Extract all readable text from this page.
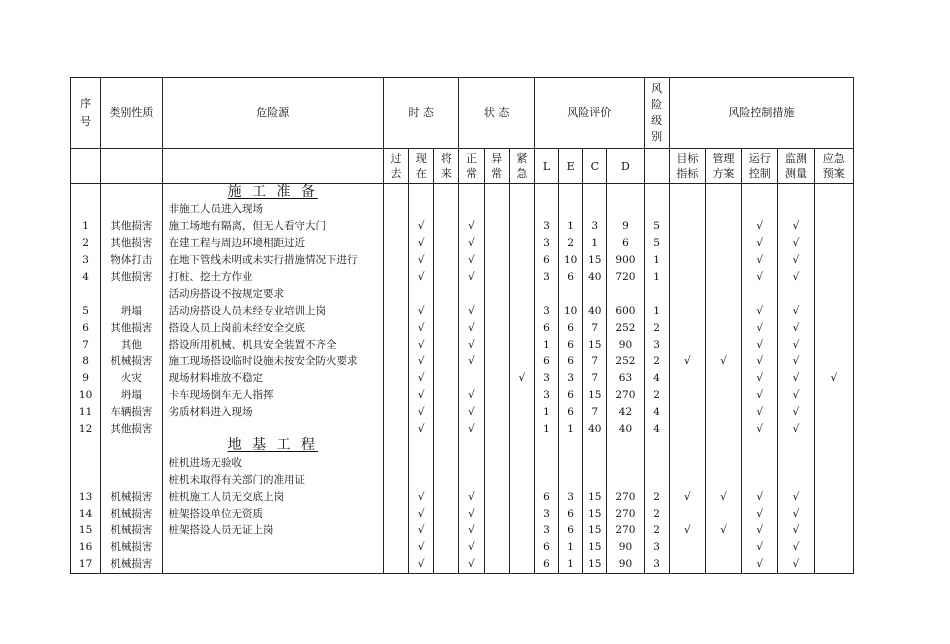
序号	类别性质	危险源	时 态			状 态			风险评价				风险级别	风险控制措施				
			过去	现在	将来	正常	异常	紧急	L	E	C	D		目标指标	管理方案	运行控制	监测测量	应急预案
		施 工 准 备																
		非施工人员进入现场																
1	其他损害	施工场地有隔离，但无人看守大门		√		√			3	1	3	9	5			√	√	
2	其他损害	在建工程与周边环境相距过近		√		√			3	2	1	6	5			√	√	
3	物体打击	在地下管线未明或未实行措施情况下进行		√		√			6	10	15	900	1			√	√	
4	其他损害	打桩、挖土方作业		√		√			3	6	40	720	1			√	√	
		活动房搭设不按规定要求																
5	坍塌	活动房搭设人员未经专业培训上岗		√		√			3	10	40	600	1			√	√	
6	其他损害	搭设人员上岗前未经安全交底		√		√			6	6	7	252	2			√	√	
7	其他	搭设所用机械、机具安全装置不齐全		√		√			1	6	15	90	3			√	√	
8	机械损害	施工现场搭设临时设施未按安全防火要求		√		√			6	6	7	252	2	√	√	√	√	
9	火灾	现场材料堆放不稳定		√				√	3	3	7	63	4			√	√	√
10	坍塌	卡车现场倒车无人指挥		√		√			3	6	15	270	2			√	√	
11	车辆损害	劣质材料进入现场		√		√			1	6	7	42	4			√	√	
12	其他损害			√		√			1	1	40	40	4			√	√	
		地 基 工 程																
		桩机进场无验收																
		桩机未取得有关部门的准用证																
13	机械损害	桩机施工人员无交底上岗		√		√			6	3	15	270	2	√	√	√	√	
14	机械损害	桩架搭设单位无资质		√		√			3	6	15	270	2			√	√	
15	机械损害	桩架搭设人员无证上岗		√		√			3	6	15	270	2	√	√	√	√	
16	机械损害			√		√			6	1	15	90	3			√	√	
17	机械损害			√		√			6	1	15	90	3			√	√	
